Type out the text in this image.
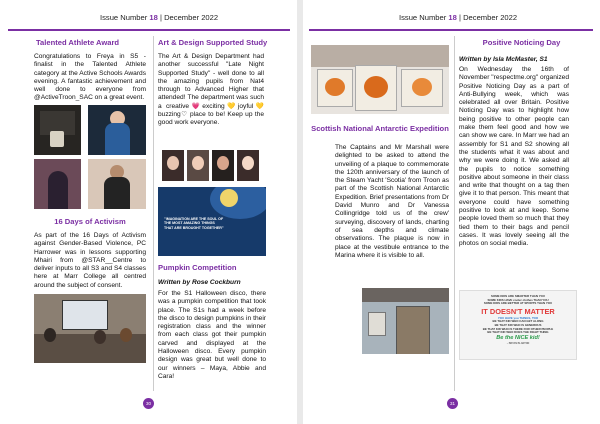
Issue Number 18 | December 2022
Talented Athlete Award
Congratulations to Freya in S5 - finalist in the Talented Athlete category at the Active Schools Awards evening. A fantastic achievement and well done to everyone from @ActiveTroon_SAC on a great event.
16 Days of Activism
As part of the 16 Days of Activism against Gender-Based Violence, PC Harrower was in lessons supporting Mhairi from @STAR__Centre to deliver inputs to all S3 and S4 classes here at Marr College all centred around the subject of consent.
Art & Design Supported Study
The Art & Design Department had another successful "Late Night Supported Study" - well done to all the amazing pupils from Nat4 through to Advanced Higher that attended! The department was such a creative💗exciting💛joyful💛buzzing♡ place to be! Keep up the good work everyone.
"IMAGINATION ARE THE SOUL OF THE MOST AMAZING THINGS THAT ARE BROUGHT TOGETHER"
Pumpkin Competition
Written by Rose Cockburn
For the S1 Halloween disco, there was a pumpkin competition that took place. The S1s had a week before the disco to design pumpkins in their registration class and the winner from each class got their pumpkin carved and displayed at the Halloween disco. Every pumpkin design was great but well done to our winners – Maya, Abbie and Cara!
30
Issue Number 18 | December 2022
Scottish National Antarctic Expedition
The Captains and Mr Marshall were delighted to be asked to attend the unveiling of a plaque to commemorate the 120th anniversary of the launch of the Steam Yacht 'Scotia' from Troon as part of the Scottish National Antarctic Expedition. Brief presentations from Dr David Munro and Dr Vanessa Collingridge told us of the crew' surveying, discovery of lands, charting of sea depths and climate observations. The plaque is now in place at the vestibule entrance to the Marina where it is visible to all.
Positive Noticing Day
Written by Isla McMaster, S1
On Wednesday the 16th of November "respectme.org" organized Positive Noticing Day as a part of Anti-Bullying week, which was celebrated all over Britain. Positive Noticing Day was to highlight how being positive to other people can make them feel good and how we can show we care. In Marr we had an assembly for S1 and S2 showing all the students what it was about and why we were doing it. We asked all the pupils to notice something positive about someone in their class and write that thought on a tag then give it to that person. This meant that everyone could have something positive to look at and keep. Some people loved them so much that they tied them to their bags and pencil cases. It was lovely seeing all the photos on social media.
SOME KIDS ARE SMARTER THAN YOU
SOME KIDS HAVE cooler clothes THAN YOU
SOME KIDS ARE BETTER AT SPORTS THAN YOU
IT DOESN'T MATTER
YOU HAVE you THINGS, TOO
BE THAT KID WHO CAN GET ALONG
BE THAT KID WHO IS GENEROUS
BE THAT KID WHO IS THERE FOR OTHER PEOPLE
BE THAT KID WHO DOES THE RIGHT THING
Be the NICE kid!
~ BRYAN BLANTON
31
